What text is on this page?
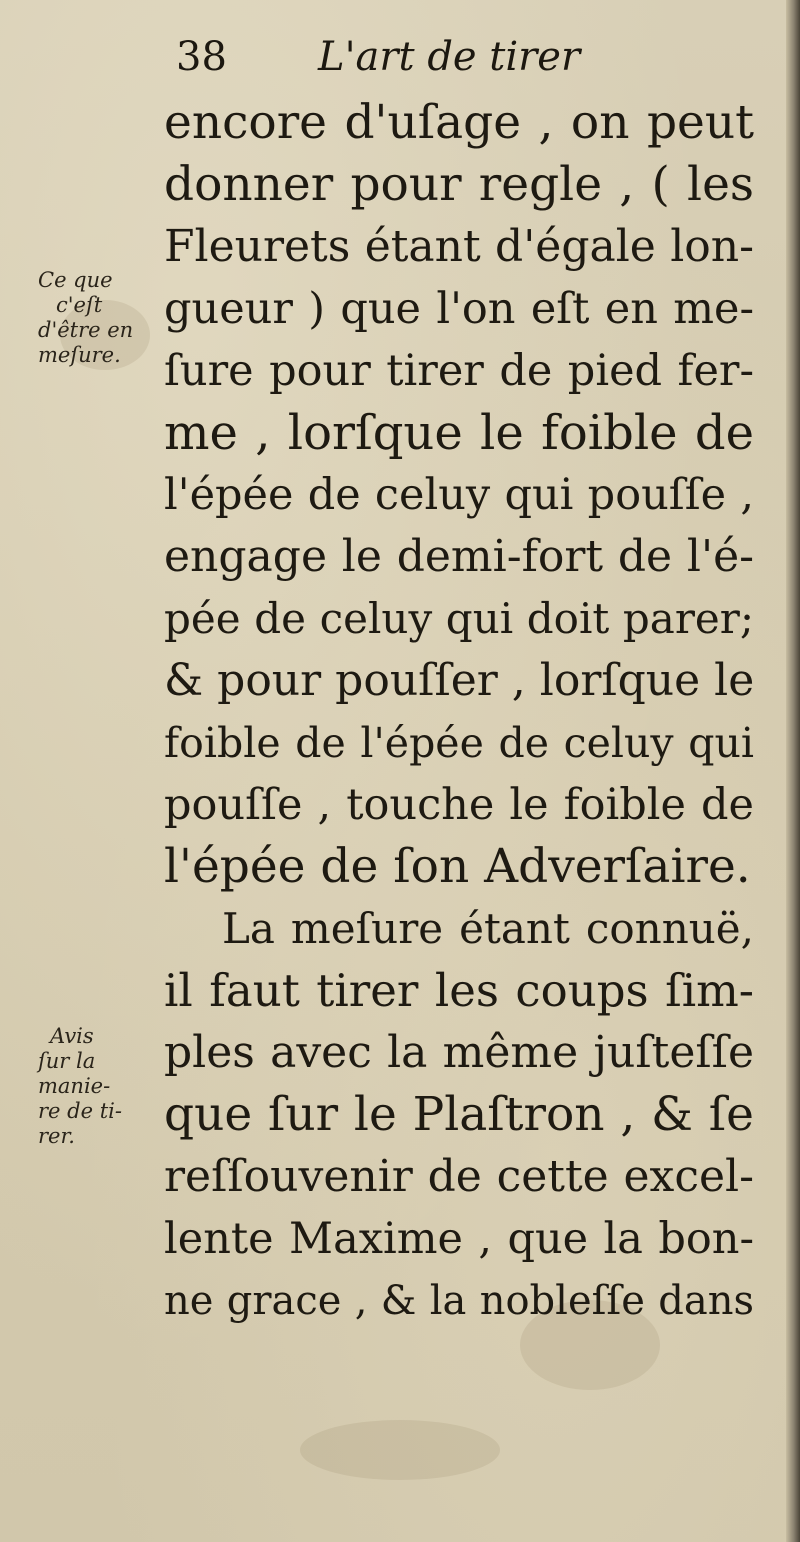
38 L'art de tirer
Ce que
c'eſt
d'être en
meſure.
Avis
ſur la
manie-
re de ti-
rer.
encore d'uſage , on peut
donner pour regle , ( les
Fleurets étant d'égale lon-
gueur ) que l'on eſt en me-
ſure pour tirer de pied fer-
me , lorſque le foible de
l'épée de celuy qui pouſſe ,
engage le demi-fort de l'é-
pée de celuy qui doit parer;
& pour pouſſer , lorſque le
foible de l'épée de celuy qui
pouſſe , touche le foible de
l'épée de ſon Adverſaire.
La meſure étant connuë,
il faut tirer les coups ſim-
ples avec la même juſteſſe
que ſur le Plaſtron , & ſe
reſſouvenir de cette excel-
lente Maxime , que la bon-
ne grace , & la nobleſſe dans
